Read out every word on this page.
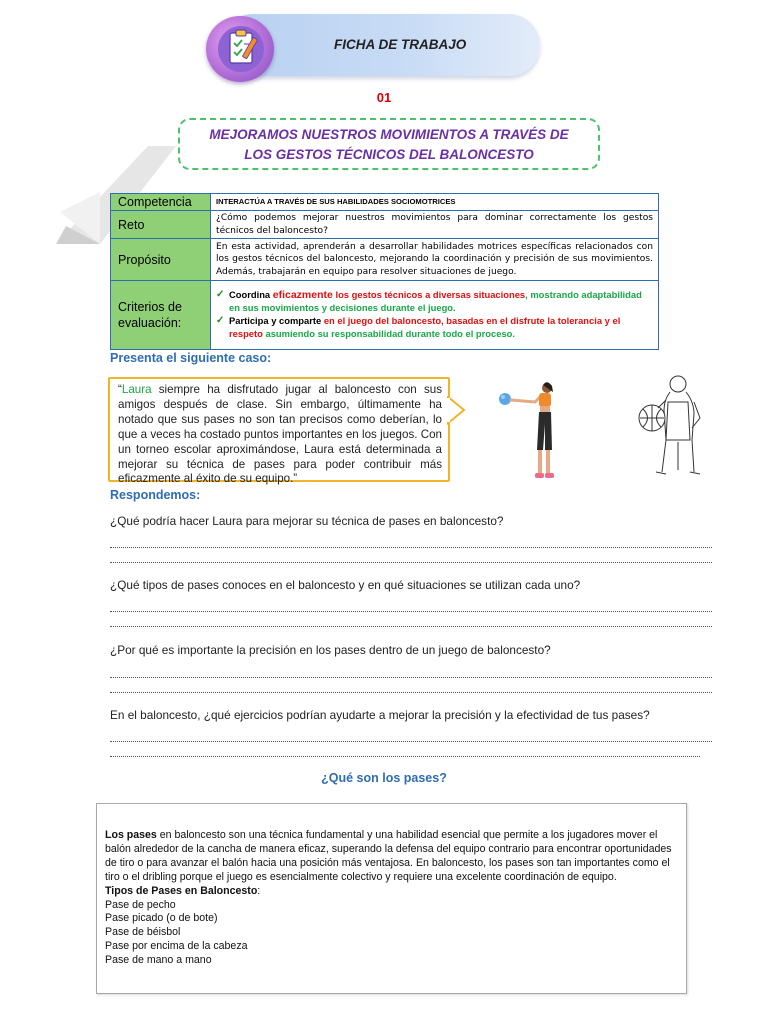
FICHA DE TRABAJO
01
MEJORAMOS NUESTROS MOVIMIENTOS A TRAVÉS DE
LOS GESTOS TÉCNICOS DEL BALONCESTO
Competencia	INTERACTÚA A TRAVÉS DE SUS HABILIDADES SOCIOMOTRICES
Reto	¿Cómo podemos mejorar nuestros movimientos para dominar correctamente los gestos técnicos del baloncesto?
Propósito	En esta actividad, aprenderán a desarrollar habilidades motrices específicas relacionados con los gestos técnicos del baloncesto, mejorando la coordinación y precisión de sus movimientos. Además, trabajarán en equipo para resolver situaciones de juego.
Criterios de evaluación:	✓ Coordina eficazmente los gestos técnicos a diversas situaciones, mostrando adaptabilidad en sus movimientos y decisiones durante el juego.
✓ Participa y comparte en el juego del baloncesto, basadas en el disfrute la tolerancia y el respeto asumiendo su responsabilidad durante todo el proceso.
Presenta el siguiente caso:
“Laura siempre ha disfrutado jugar al baloncesto con sus amigos después de clase. Sin embargo, últimamente ha notado que sus pases no son tan precisos como deberían, lo que a veces ha costado puntos importantes en los juegos. Con un torneo escolar aproximándose, Laura está determinada a mejorar su técnica de pases para poder contribuir más eficazmente al éxito de su equipo.”
Respondemos:
¿Qué podría hacer Laura para mejorar su técnica de pases en baloncesto?
¿Qué tipos de pases conoces en el baloncesto y en qué situaciones se utilizan cada uno?
¿Por qué es importante la precisión en los pases dentro de un juego de baloncesto?
En el baloncesto, ¿qué ejercicios podrían ayudarte a mejorar la precisión y la efectividad de tus pases?
¿Qué son los pases?
Los pases en baloncesto son una técnica fundamental y una habilidad esencial que permite a los jugadores mover el balón alrededor de la cancha de manera eficaz, superando la defensa del equipo contrario para encontrar oportunidades de tiro o para avanzar el balón hacia una posición más ventajosa. En baloncesto, los pases son tan importantes como el tiro o el dribling porque el juego es esencialmente colectivo y requiere una excelente coordinación de equipo.
Tipos de Pases en Baloncesto:
Pase de pecho
Pase picado (o de bote)
Pase de béisbol
Pase por encima de la cabeza
Pase de mano a mano
